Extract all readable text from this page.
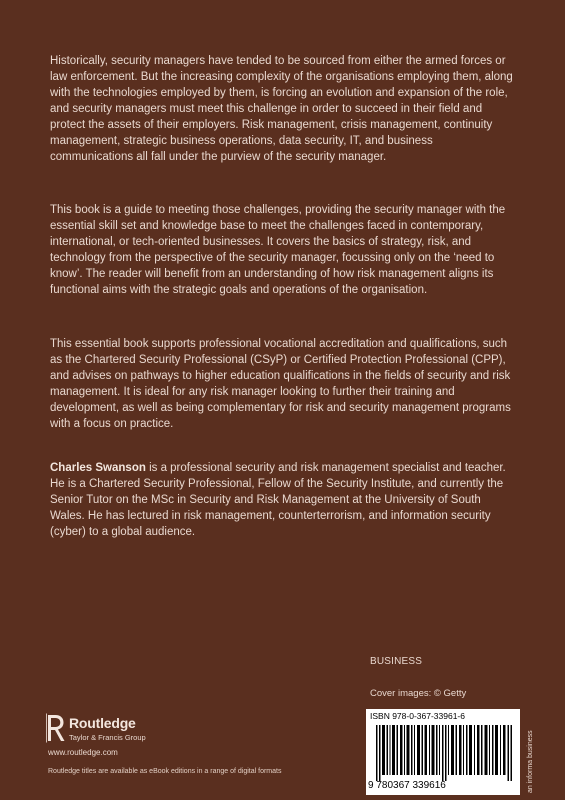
Historically, security managers have tended to be sourced from either the armed forces or law enforcement. But the increasing complexity of the organisations employing them, along with the technologies employed by them, is forcing an evolution and expansion of the role, and security managers must meet this challenge in order to succeed in their field and protect the assets of their employers. Risk management, crisis management, continuity management, strategic business operations, data security, IT, and business communications all fall under the purview of the security manager.

This book is a guide to meeting those challenges, providing the security manager with the essential skill set and knowledge base to meet the challenges faced in contemporary, international, or tech-oriented businesses. It covers the basics of strategy, risk, and technology from the perspective of the security manager, focussing only on the ‘need to know’. The reader will benefit from an understanding of how risk management aligns its functional aims with the strategic goals and operations of the organisation.

This essential book supports professional vocational accreditation and qualifications, such as the Chartered Security Professional (CSyP) or Certified Protection Professional (CPP), and advises on pathways to higher education qualifications in the fields of security and risk management. It is ideal for any risk manager looking to further their training and development, as well as being complementary for risk and security management programs with a focus on practice.

Charles Swanson is a professional security and risk management specialist and teacher. He is a Chartered Security Professional, Fellow of the Security Institute, and currently the Senior Tutor on the MSc in Security and Risk Management at the University of South Wales. He has lectured in risk management, counterterrorism, and information security (cyber) to a global audience.

BUSINESS
Cover images: © Getty
Routledge
Taylor & Francis Group
www.routledge.com
Routledge titles are available as eBook editions in a range of digital formats
ISBN 978-0-367-33961-6
9 780367 339616	an informa business
